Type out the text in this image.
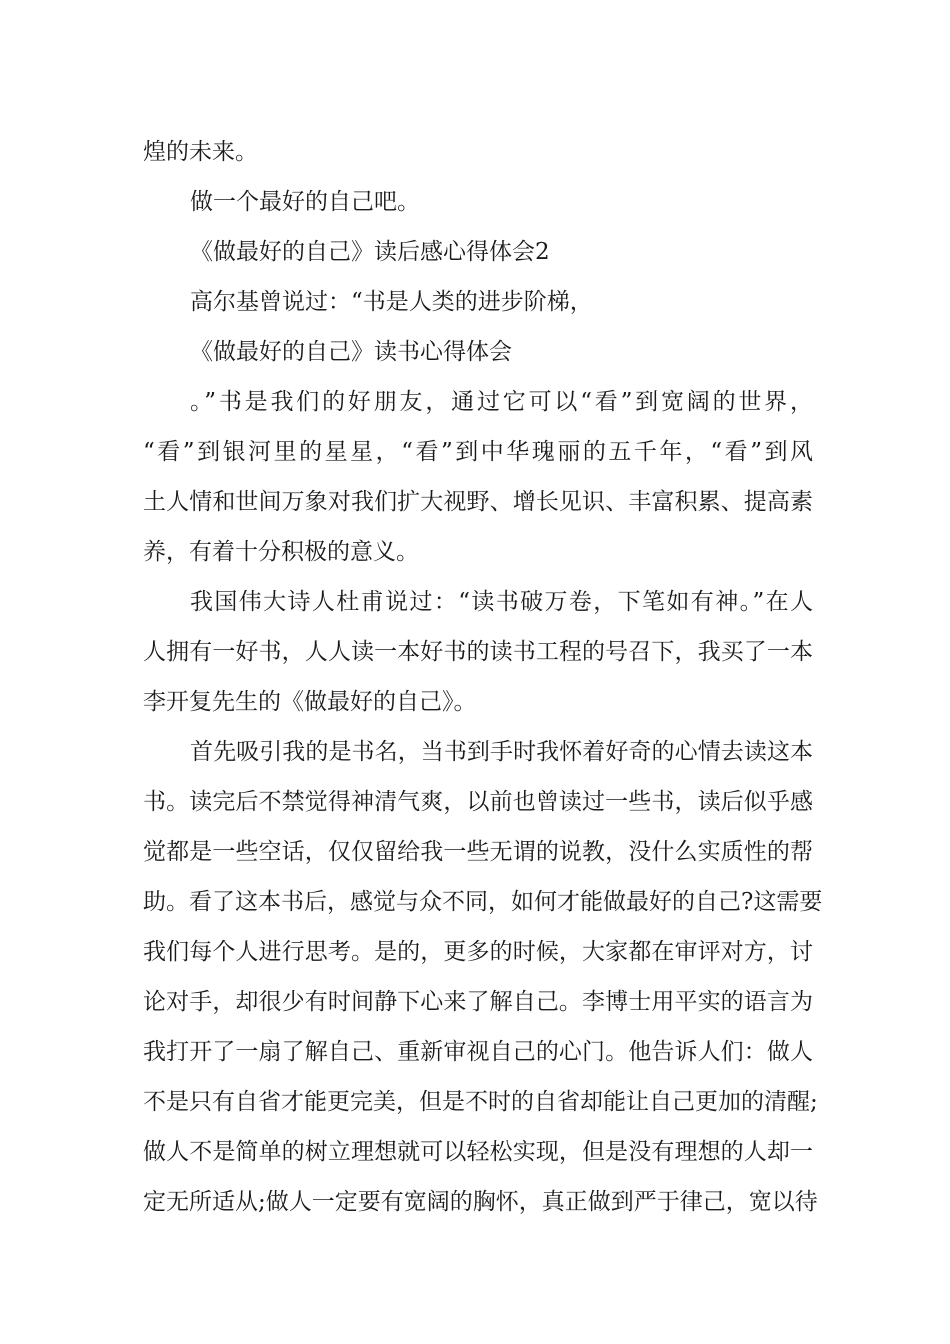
煌的未来。
做一个最好的自己吧。
《做最好的自己》读后感心得体会2
高尔基曾说过：“书是人类的进步阶梯，
《做最好的自己》读书心得体会
。”书是我们的好朋友，通过它可以“看”到宽阔的世界，
“看”到银河里的星星，“看”到中华瑰丽的五千年，“看”到风
土人情和世间万象对我们扩大视野、增长见识、丰富积累、提高素
养，有着十分积极的意义。
我国伟大诗人杜甫说过：“读书破万卷，下笔如有神。”在人
人拥有一好书，人人读一本好书的读书工程的号召下，我买了一本
李开复先生的《做最好的自己》。
首先吸引我的是书名，当书到手时我怀着好奇的心情去读这本
书。读完后不禁觉得神清气爽，以前也曾读过一些书，读后似乎感
觉都是一些空话，仅仅留给我一些无谓的说教，没什么实质性的帮
助。看了这本书后，感觉与众不同，如何才能做最好的自己?这需要
我们每个人进行思考。是的，更多的时候，大家都在审评对方，讨
论对手，却很少有时间静下心来了解自己。李博士用平实的语言为
我打开了一扇了解自己、重新审视自己的心门。他告诉人们：做人
不是只有自省才能更完美，但是不时的自省却能让自己更加的清醒;
做人不是简单的树立理想就可以轻松实现，但是没有理想的人却一
定无所适从;做人一定要有宽阔的胸怀，真正做到严于律己，宽以待
